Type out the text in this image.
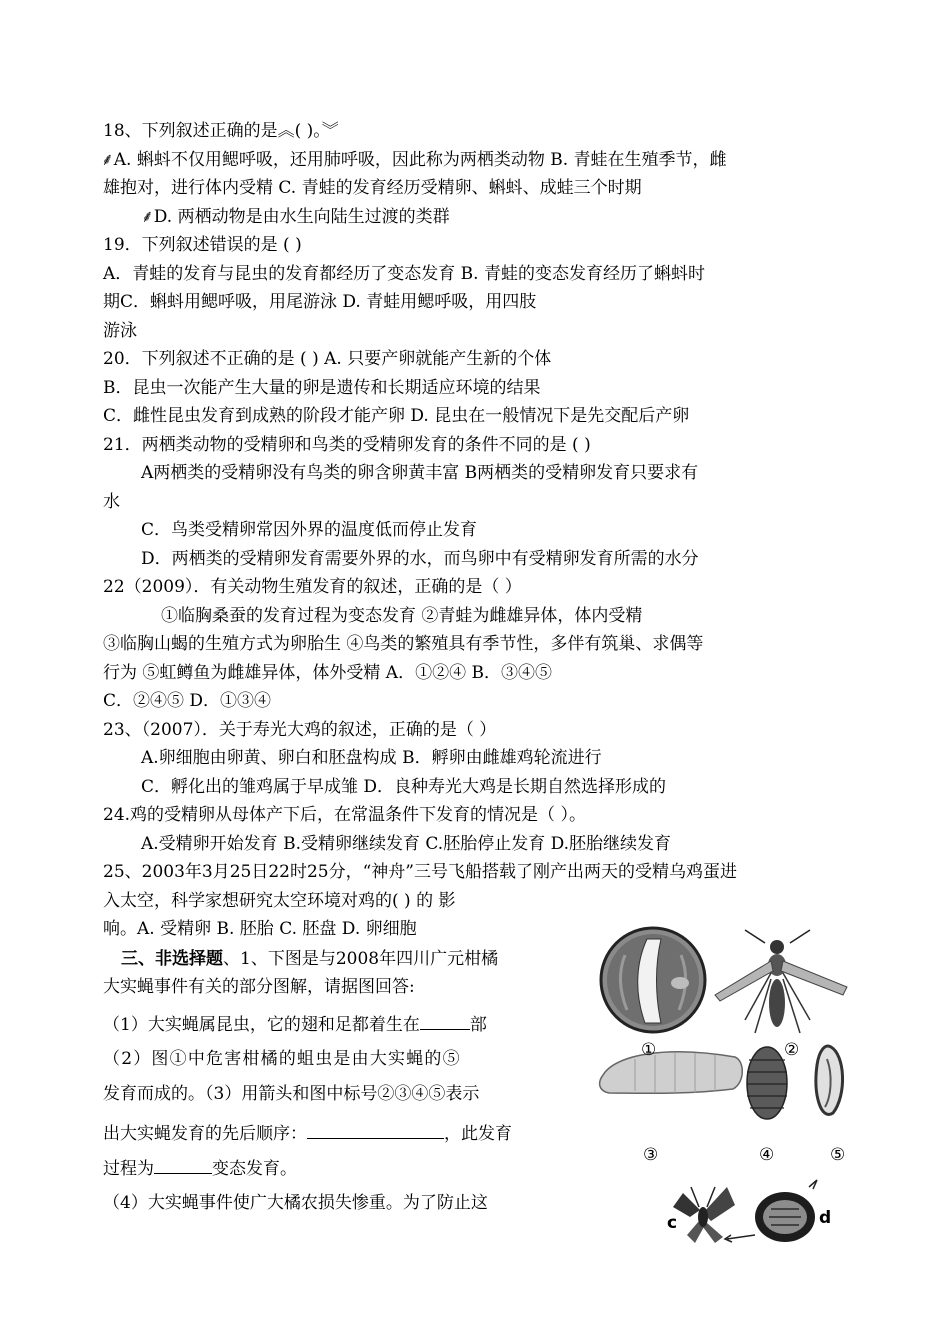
18、下列叙述正确的是︽( )。︾
⸙A. 蝌蚪不仅用鳃呼吸，还用肺呼吸，因此称为两栖类动物 B. 青蛙在生殖季节，雌
雄抱对，进行体内受精 C. 青蛙的发育经历受精卵、蝌蚪、成蛙三个时期
⸙D. 两栖动物是由水生向陆生过渡的类群
19．下列叙述错误的是 ( )
A．青蛙的发育与昆虫的发育都经历了变态发育 B. 青蛙的变态发育经历了蝌蚪时
期C．蝌蚪用鳃呼吸，用尾游泳 D. 青蛙用鳃呼吸，用四肢
游泳
20．下列叙述不正确的是 ( ) A. 只要产卵就能产生新的个体
B．昆虫一次能产生大量的卵是遗传和长期适应环境的结果
C．雌性昆虫发育到成熟的阶段才能产卵 D. 昆虫在一般情况下是先交配后产卵
21．两栖类动物的受精卵和鸟类的受精卵发育的条件不同的是 ( )
A两栖类的受精卵没有鸟类的卵含卵黄丰富 B两栖类的受精卵发育只要求有
水
C．鸟类受精卵常因外界的温度低而停止发育
D．两栖类的受精卵发育需要外界的水，而鸟卵中有受精卵发育所需的水分
22（2009）．有关动物生殖发育的叙述，正确的是（ ）
①临胸桑蚕的发育过程为变态发育 ②青蛙为雌雄异体，体内受精
③临胸山蝎的生殖方式为卵胎生 ④鸟类的繁殖具有季节性，多伴有筑巢、求偶等
行为 ⑤虹鳟鱼为雌雄异体，体外受精 A．①②④ B．③④⑤
C．②④⑤ D．①③④
23、（2007）．关于寿光大鸡的叙述，正确的是（ ）
A.卵细胞由卵黄、卵白和胚盘构成 B．孵卵由雌雄鸡轮流进行
C．孵化出的雏鸡属于早成雏 D．良种寿光大鸡是长期自然选择形成的
24.鸡的受精卵从母体产下后，在常温条件下发育的情况是（ ）。
A.受精卵开始发育 B.受精卵继续发育 C.胚胎停止发育 D.胚胎继续发育
25、2003年3月25日22时25分，“神舟”三号飞船搭载了刚产出两天的受精乌鸡蛋进
入太空，科学家想研究太空环境对鸡的( ) 的 影
响。A. 受精卵 B. 胚胎 C. 胚盘 D. 卵细胞
三、非选择题、1、下图是与2008年四川广元柑橘
大实蝇事件有关的部分图解，请据图回答:
（1）大实蝇属昆虫，它的翅和足都着生在	部
（2）图①中危害柑橘的蛆虫是由大实蝇的⑤
发育而成的。（3）用箭头和图中标号②③④⑤表示
出大实蝇发育的先后顺序：	，此发育
过程为	变态发育。
（4）大实蝇事件使广大橘农损失惨重。为了防止这
①	②
③	④	⑤
c	d
